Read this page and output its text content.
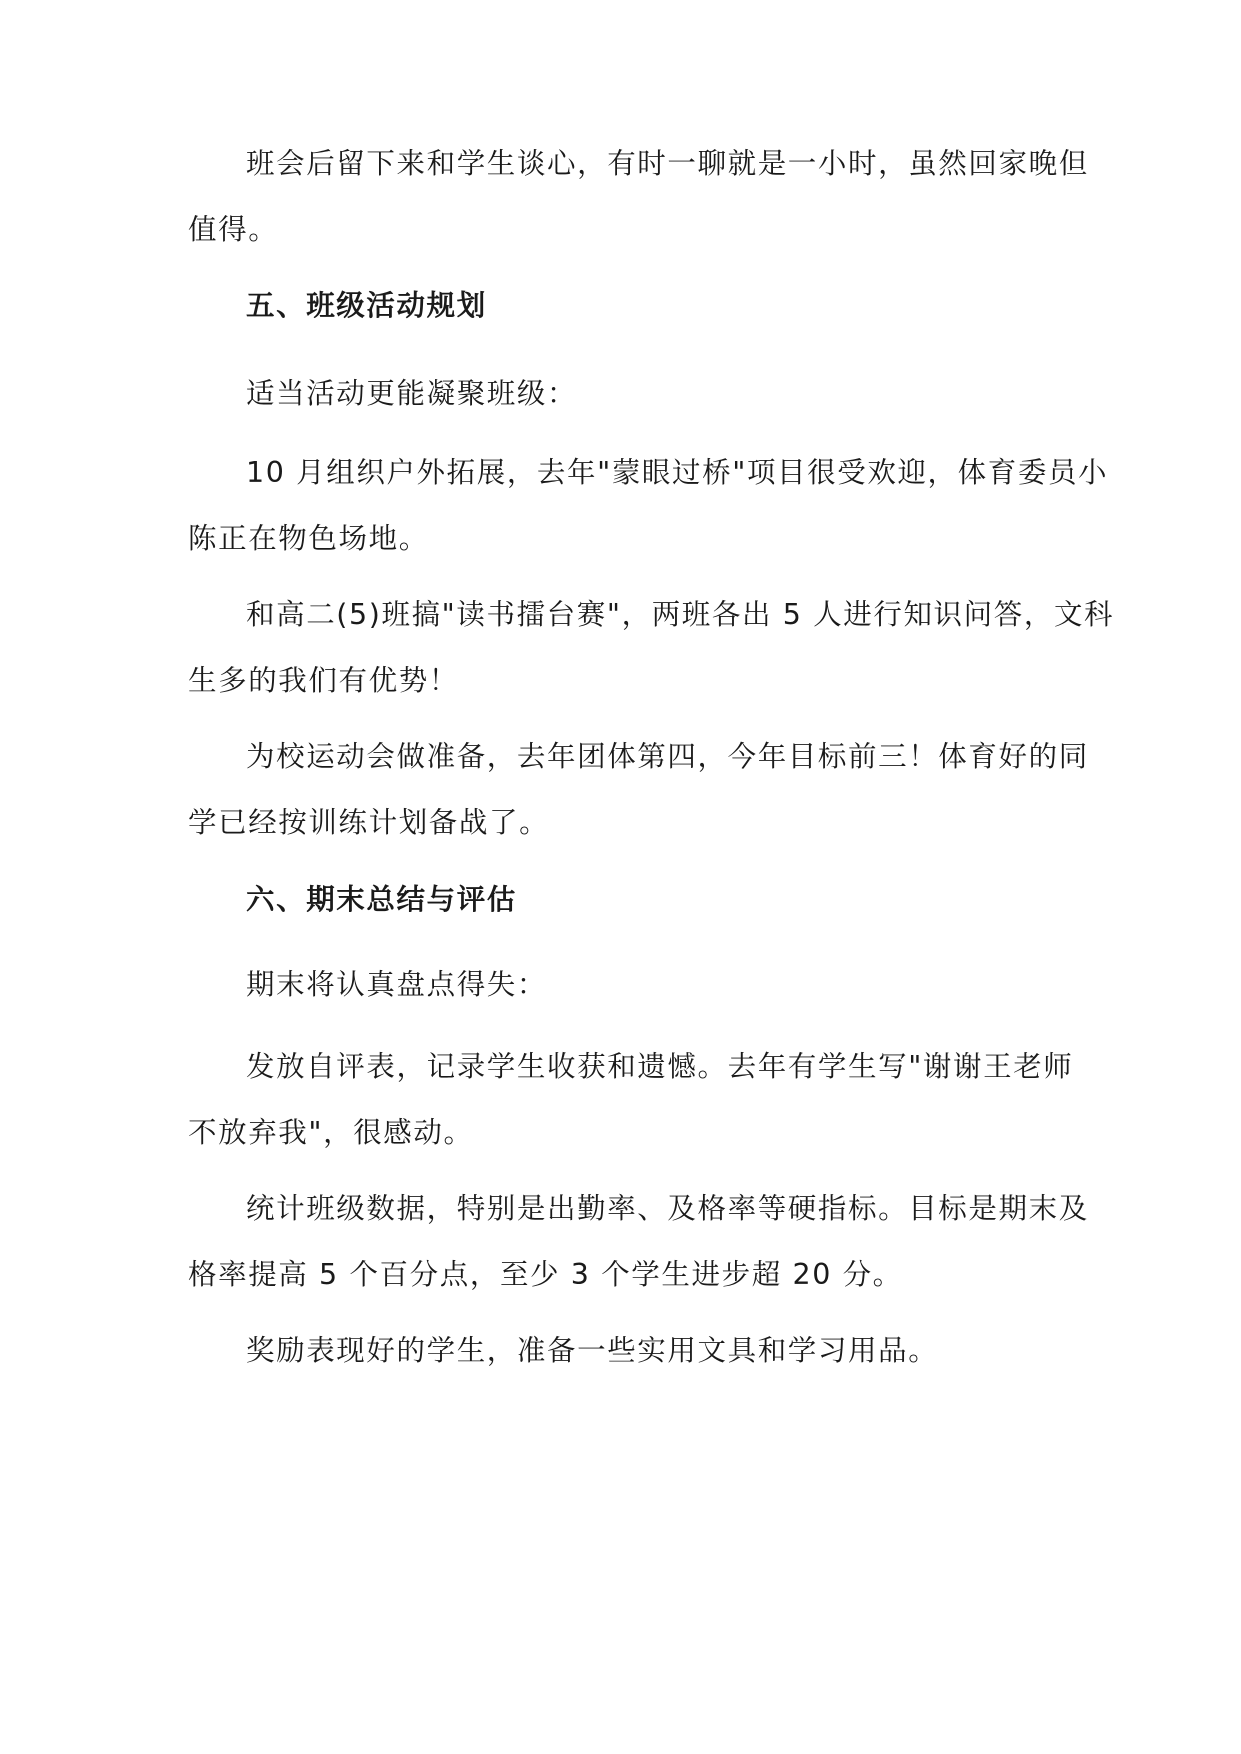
班会后留下来和学生谈心，有时一聊就是一小时，虽然回家晚但
值得。
五、班级活动规划
适当活动更能凝聚班级：
10 月组织户外拓展，去年"蒙眼过桥"项目很受欢迎，体育委员小
陈正在物色场地。
和高二(5)班搞"读书擂台赛"，两班各出 5 人进行知识问答，文科
生多的我们有优势！
为校运动会做准备，去年团体第四，今年目标前三！体育好的同
学已经按训练计划备战了。
六、期末总结与评估
期末将认真盘点得失：
发放自评表，记录学生收获和遗憾。去年有学生写"谢谢王老师
不放弃我"，很感动。
统计班级数据，特别是出勤率、及格率等硬指标。目标是期末及
格率提高 5 个百分点，至少 3 个学生进步超 20 分。
奖励表现好的学生，准备一些实用文具和学习用品。
